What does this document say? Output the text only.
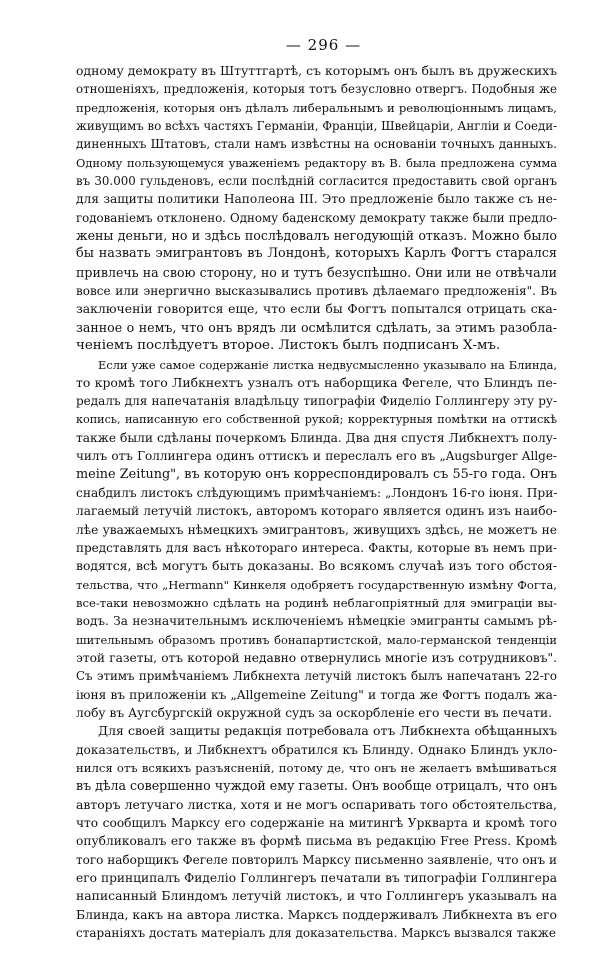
— 296 —
одному демократу въ Штуттгартѣ, съ которымъ онъ былъ въ дружескихъ
отношеніяхъ, предложенія, которыя тотъ безусловно отвергъ. Подобныя же
предложенія, которыя онъ дѣлалъ либеральнымъ и революціоннымъ лицамъ,
живущимъ во всѣхъ частяхъ Германіи, Франціи, Швейцаріи, Англіи и Соеди-
диненныхъ Штатовъ, стали намъ извѣстны на основаніи точныхъ данныхъ.
Одному пользующемуся уваженіемъ редактору въ В. была предложена сумма
въ 30.000 гульденовъ, если послѣдній согласится предоставить свой органъ
для защиты политики Наполеона III. Это предложеніе было также съ не-
годованіемъ отклонено. Одному баденскому демократу также были предло-
жены деньги, но и здѣсь послѣдовалъ негодующій отказъ. Можно было
бы назвать эмигрантовъ въ Лондонѣ, которыхъ Карлъ Фогтъ старался
привлечь на свою сторону, но и тутъ безуспѣшно. Они или не отвѣчали
вовсе или энергично высказывались противъ дѣлаемаго предложенія". Въ
заключеніи говорится еще, что если бы Фогтъ попытался отрицать ска-
занное о немъ, что онъ врядъ ли осмѣлится сдѣлать, за этимъ разобла-
ченіемъ послѣдуетъ второе. Листокъ былъ подписанъ Х-мъ.
Если уже самое содержаніе листка недвусмысленно указывало на Блинда,
то кромѣ того Либкнехтъ узналъ отъ наборщика Фегеле, что Блиндъ пе-
редалъ для напечатанія владѣльцу типографіи Фиделіо Голлингеру эту ру-
копись, написанную его собственной рукой; корректурныя помѣтки на оттискѣ
также были сдѣланы почеркомъ Блинда. Два дня спустя Либкнехтъ полу-
чилъ отъ Голлингера одинъ оттискъ и переслалъ его въ „Augsburger Allge-
meine Zeitung", въ которую онъ корреспондировалъ съ 55-го года. Онъ
снабдилъ листокъ слѣдующимъ примѣчаніемъ: „Лондонъ 16-го іюня. При-
лагаемый летучій листокъ, авторомъ котораго является одинъ изъ наибо-
лѣе уважаемыхъ нѣмецкихъ эмигрантовъ, живущихъ здѣсь, не можетъ не
представлять для васъ нѣкотораго интереса. Факты, которые въ немъ при-
водятся, всѣ могутъ быть доказаны. Во всякомъ случаѣ изъ того обстоя-
тельства, что „Hermann" Кинкеля одобряетъ государственную измѣну Фогта,
все-таки невозможно сдѣлать на родинѣ неблагопріятный для эмиграціи вы-
водъ. За незначительнымъ исключеніемъ нѣмецкіе эмигранты самымъ рѣ-
шительнымъ образомъ противъ бонапартистской, мало-германской тенденціи
этой газеты, отъ которой недавно отвернулись многіе изъ сотрудниковъ".
Съ этимъ примѣчаніемъ Либкнехта летучій листокъ былъ напечатанъ 22-го
іюня въ приложеніи къ „Allgemeine Zeitung" и тогда же Фогтъ подалъ жа-
лобу въ Аугсбургскій окружной судъ за оскорбленіе его чести въ печати.
Для своей защиты редакція потребовала отъ Либкнехта обѣщанныхъ
доказательствъ, и Либкнехтъ обратился къ Блинду. Однако Блиндъ укло-
нился отъ всякихъ разъясненій, потому де, что онъ не желаетъ вмѣшиваться
въ дѣла совершенно чуждой ему газеты. Онъ вообще отрицалъ, что онъ
авторъ летучаго листка, хотя и не могъ оспаривать того обстоятельства,
что сообщилъ Марксу его содержаніе на митингѣ Уркварта и кромѣ того
опубликовалъ его также въ формѣ письма въ редакцію Free Press. Кромѣ
того наборщикъ Фегеле повторилъ Марксу письменно заявленіе, что онъ и
его принципалъ Фиделіо Голлингеръ печатали въ типографіи Голлингера
написанный Блиндомъ летучій листокъ, и что Голлингеръ указывалъ на
Блинда, какъ на автора листка. Марксъ поддерживалъ Либкнехта въ его
стараніяхъ достать матеріалъ для доказательства. Марксъ вызвался также
